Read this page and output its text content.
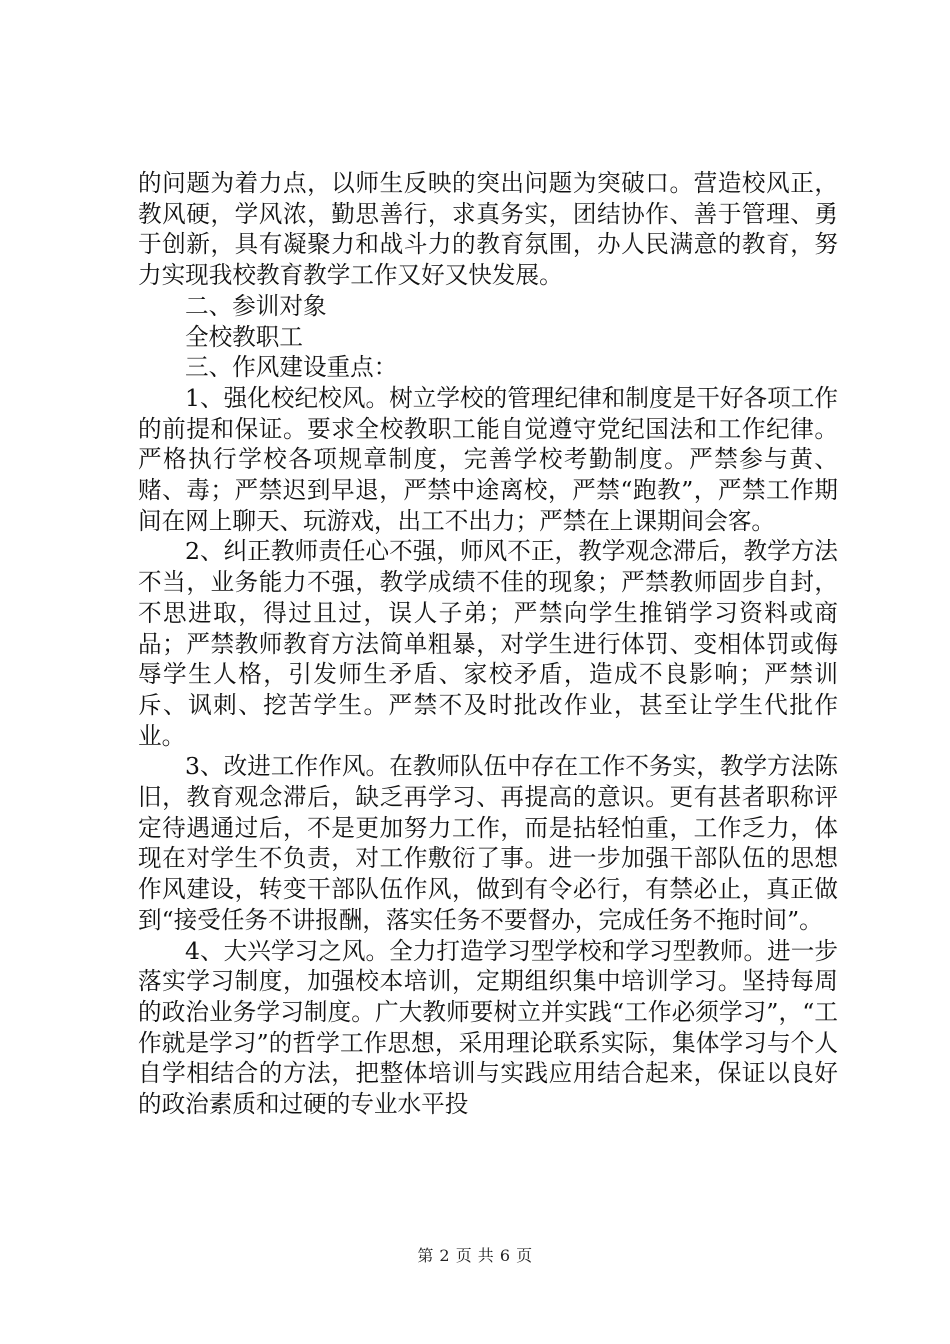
的问题为着力点，以师生反映的突出问题为突破口。营造校风正，教风硬，学风浓，勤思善行，求真务实，团结协作、善于管理、勇于创新，具有凝聚力和战斗力的教育氛围，办人民满意的教育，努力实现我校教育教学工作又好又快发展。

二、参训对象

全校教职工

三、作风建设重点：

1、强化校纪校风。树立学校的管理纪律和制度是干好各项工作的前提和保证。要求全校教职工能自觉遵守党纪国法和工作纪律。严格执行学校各项规章制度，完善学校考勤制度。严禁参与黄、赌、毒；严禁迟到早退，严禁中途离校，严禁“跑教”，严禁工作期间在网上聊天、玩游戏，出工不出力；严禁在上课期间会客。

2、纠正教师责任心不强，师风不正，教学观念滞后，教学方法不当，业务能力不强，教学成绩不佳的现象；严禁教师固步自封，不思进取，得过且过，误人子弟；严禁向学生推销学习资料或商品；严禁教师教育方法简单粗暴，对学生进行体罚、变相体罚或侮辱学生人格，引发师生矛盾、家校矛盾，造成不良影响；严禁训斥、讽刺、挖苦学生。严禁不及时批改作业，甚至让学生代批作业。

3、改进工作作风。在教师队伍中存在工作不务实，教学方法陈旧，教育观念滞后，缺乏再学习、再提高的意识。更有甚者职称评定待遇通过后，不是更加努力工作，而是拈轻怕重，工作乏力，体现在对学生不负责，对工作敷衍了事。进一步加强干部队伍的思想作风建设，转变干部队伍作风，做到有令必行，有禁必止，真正做到“接受任务不讲报酬，落实任务不要督办，完成任务不拖时间”。

4、大兴学习之风。全力打造学习型学校和学习型教师。进一步落实学习制度，加强校本培训，定期组织集中培训学习。坚持每周的政治业务学习制度。广大教师要树立并实践“工作必须学习”，“工作就是学习”的哲学工作思想，采用理论联系实际，集体学习与个人自学相结合的方法，把整体培训与实践应用结合起来，保证以良好的政治素质和过硬的专业水平投

第 2 页 共 6 页
